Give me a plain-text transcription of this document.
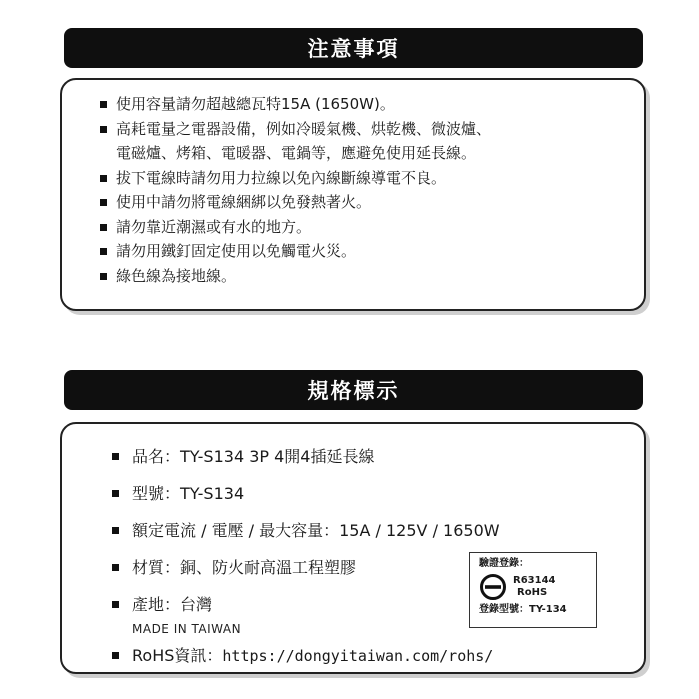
注意事項
使用容量請勿超越總瓦特15A (1650W)。
高耗電量之電器設備，例如冷暖氣機、烘乾機、微波爐、
電磁爐、烤箱、電暖器、電鍋等，應避免使用延長線。
拔下電線時請勿用力拉線以免內線斷線導電不良。
使用中請勿將電線綑綁以免發熱著火。
請勿靠近潮濕或有水的地方。
請勿用鐵釘固定使用以免觸電火災。
綠色線為接地線。
規格標示
品名：TY-S134 3P 4開4插延長線
型號：TY-S134
額定電流 / 電壓 / 最大容量：15A / 125V / 1650W
材質：銅、防火耐高溫工程塑膠
產地：台灣
MADE IN TAIWAN
RoHS資訊：https://dongyitaiwan.com/rohs/
驗證登錄：
R63144
RoHS
登錄型號：TY-134
